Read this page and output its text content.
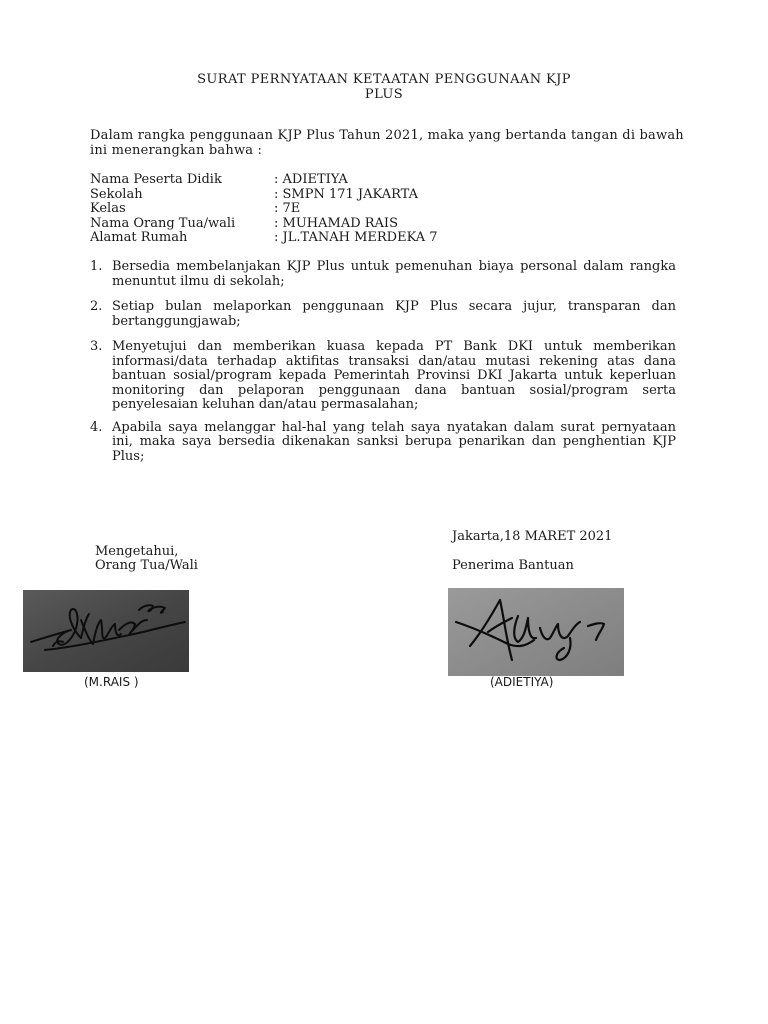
SURAT PERNYATAAN KETAATAN PENGGUNAAN KJP
PLUS
Dalam rangka penggunaan KJP Plus Tahun 2021, maka yang bertanda tangan di bawah ini menerangkan bahwa :
Nama Peserta Didik	: ADIETIYA
Sekolah	: SMPN 171 JAKARTA
Kelas	: 7E
Nama Orang Tua/wali	: MUHAMAD RAIS
Alamat Rumah	: JL.TANAH MERDEKA 7
1. Bersedia membelanjakan KJP Plus untuk pemenuhan biaya personal dalam rangka menuntut ilmu di sekolah;
2. Setiap bulan melaporkan penggunaan KJP Plus secara jujur, transparan dan bertanggungjawab;
3. Menyetujui dan memberikan kuasa kepada PT Bank DKI untuk memberikan informasi/data terhadap aktifitas transaksi dan/atau mutasi rekening atas dana bantuan sosial/program kepada Pemerintah Provinsi DKI Jakarta untuk keperluan monitoring dan pelaporan penggunaan dana bantuan sosial/program serta penyelesaian keluhan dan/atau permasalahan;
4. Apabila saya melanggar hal-hal yang telah saya nyatakan dalam surat pernyataan ini, maka saya bersedia dikenakan sanksi berupa penarikan dan penghentian KJP Plus;
Jakarta,18 MARET 2021
Mengetahui,
Orang Tua/Wali	Penerima Bantuan
(M.RAIS )	(ADIETIYA)
